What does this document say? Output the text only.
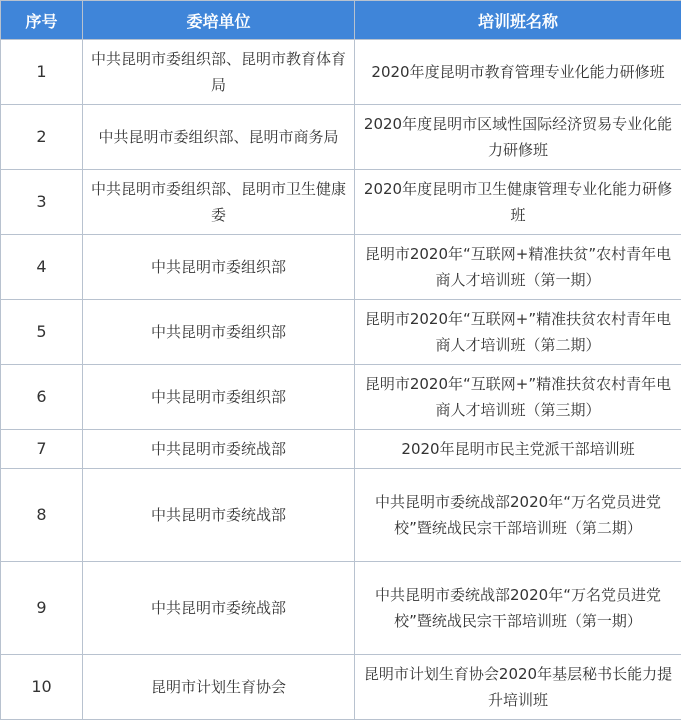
序号	委培单位	培训班名称
1	中共昆明市委组织部、昆明市教育体育局	2020年度昆明市教育管理专业化能力研修班
2	中共昆明市委组织部、昆明市商务局	2020年度昆明市区域性国际经济贸易专业化能力研修班
3	中共昆明市委组织部、昆明市卫生健康委	2020年度昆明市卫生健康管理专业化能力研修班
4	中共昆明市委组织部	昆明市2020年“互联网+精准扶贫”农村青年电商人才培训班（第一期）
5	中共昆明市委组织部	昆明市2020年“互联网+”精准扶贫农村青年电商人才培训班（第二期）
6	中共昆明市委组织部	昆明市2020年“互联网+”精准扶贫农村青年电商人才培训班（第三期）
7	中共昆明市委统战部	2020年昆明市民主党派干部培训班
8	中共昆明市委统战部	中共昆明市委统战部2020年“万名党员进党校”暨统战民宗干部培训班（第二期）
9	中共昆明市委统战部	中共昆明市委统战部2020年“万名党员进党校”暨统战民宗干部培训班（第一期）
10	昆明市计划生育协会	昆明市计划生育协会2020年基层秘书长能力提升培训班
